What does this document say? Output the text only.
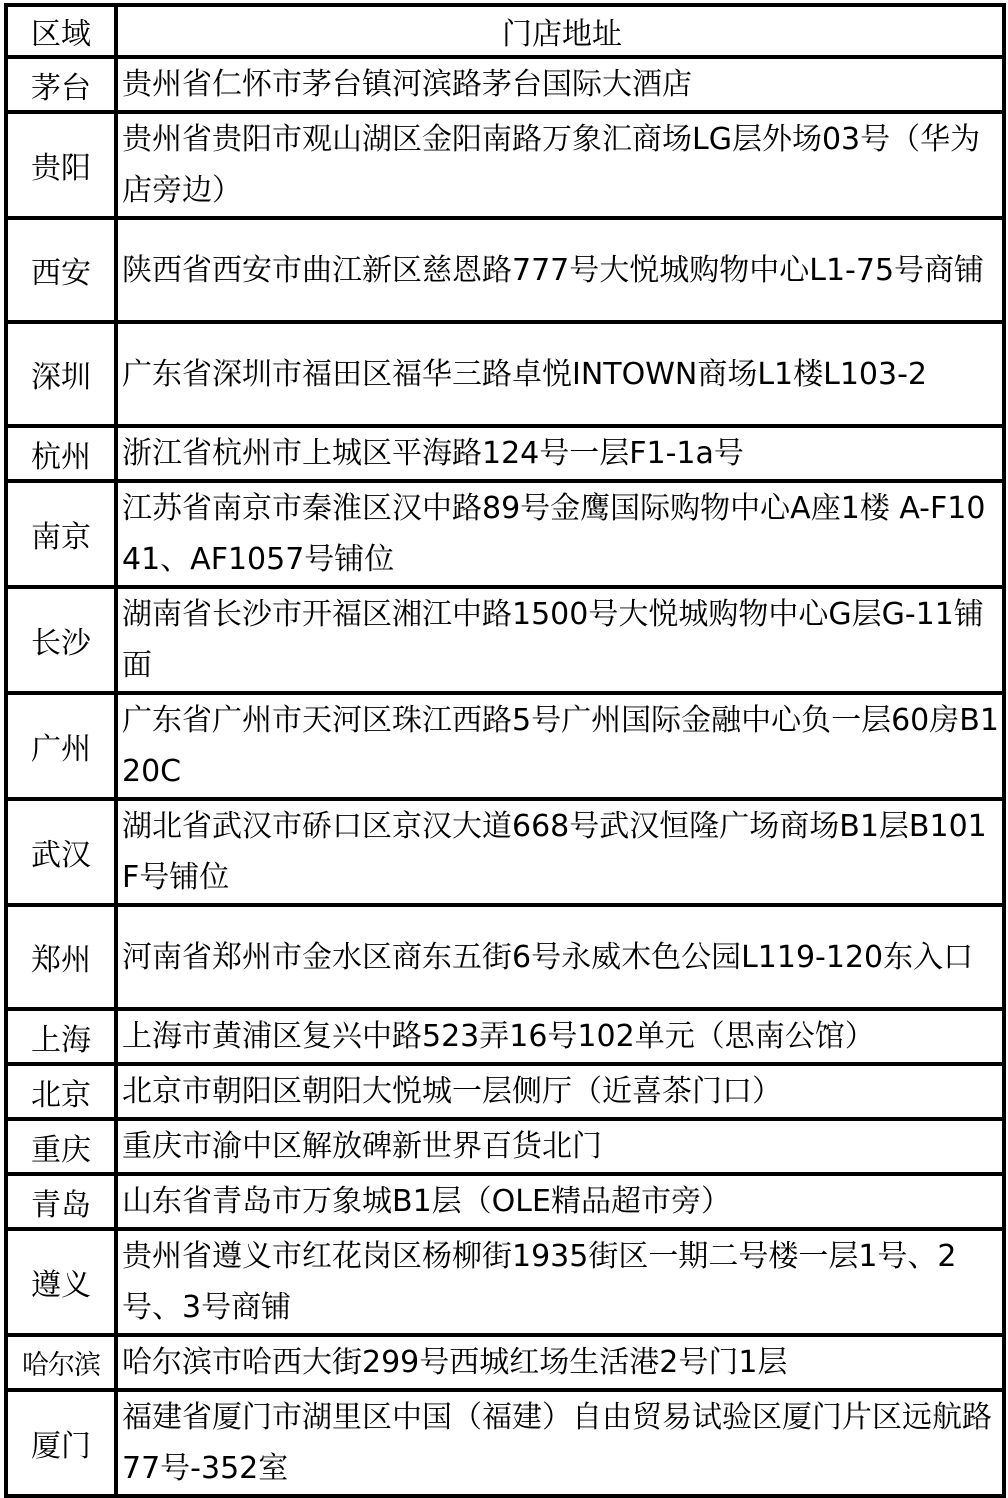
区域	门店地址
茅台	贵州省仁怀市茅台镇河滨路茅台国际大酒店
贵阳	贵州省贵阳市观山湖区金阳南路万象汇商场LG层外场03号（华为店旁边）
西安	陕西省西安市曲江新区慈恩路777号大悦城购物中心L1-75号商铺
深圳	广东省深圳市福田区福华三路卓悦INTOWN商场L1楼L103-2
杭州	浙江省杭州市上城区平海路124号一层F1-1a号
南京	江苏省南京市秦淮区汉中路89号金鹰国际购物中心A座1楼 A-F1041、AF1057号铺位
长沙	湖南省长沙市开福区湘江中路1500号大悦城购物中心G层G-11铺面
广州	广东省广州市天河区珠江西路5号广州国际金融中心负一层60房B120C
武汉	湖北省武汉市硚口区京汉大道668号武汉恒隆广场商场B1层B101F号铺位
郑州	河南省郑州市金水区商东五街6号永威木色公园L119-120东入口
上海	上海市黄浦区复兴中路523弄16号102单元（思南公馆）
北京	北京市朝阳区朝阳大悦城一层侧厅（近喜茶门口）
重庆	重庆市渝中区解放碑新世界百货北门
青岛	山东省青岛市万象城B1层（OLE精品超市旁）
遵义	贵州省遵义市红花岗区杨柳街1935街区一期二号楼一层1号、2号、3号商铺
哈尔滨	哈尔滨市哈西大街299号西城红场生活港2号门1层
厦门	福建省厦门市湖里区中国（福建）自由贸易试验区厦门片区远航路77号-352室
